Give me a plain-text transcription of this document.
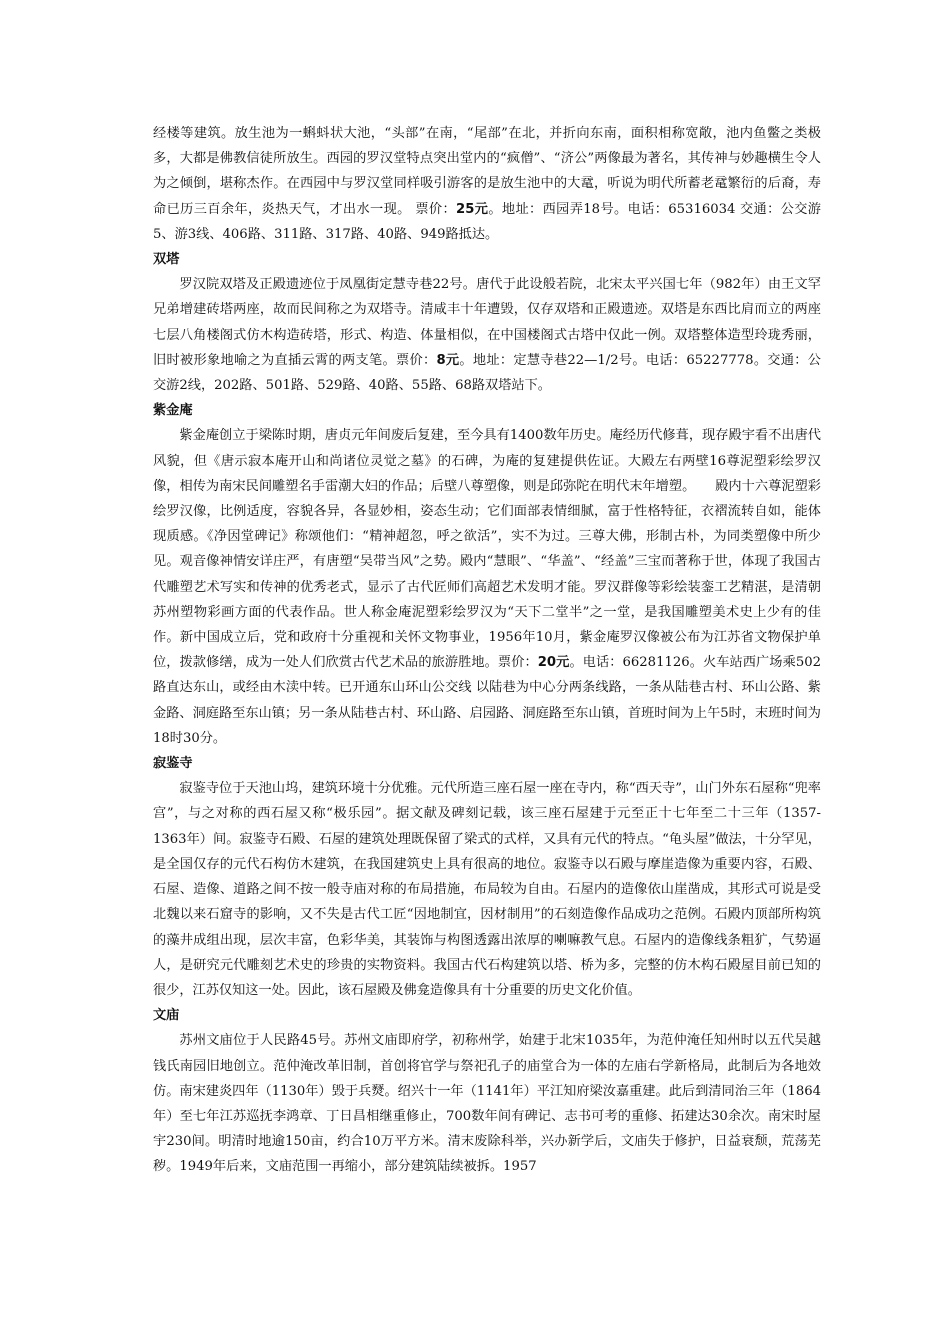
经楼等建筑。放生池为一蝌蚪状大池，“头部”在南，“尾部”在北，并折向东南，面积相称宽敞，池内鱼鳖之类极多，大都是佛教信徒所放生。西园的罗汉堂特点突出堂内的“疯僧”、“济公”两像最为著名，其传神与妙趣横生令人为之倾倒，堪称杰作。在西园中与罗汉堂同样吸引游客的是放生池中的大鼋，听说为明代所蓄老鼋繁衍的后裔，寿命已历三百余年，炎热天气，才出水一现。 票价：25元。地址：西园弄18号。电话：65316034 交通：公交游5、游3线、406路、311路、317路、40路、949路抵达。

双塔

罗汉院双塔及正殿遗迹位于凤凰街定慧寺巷22号。唐代于此设般若院，北宋太平兴国七年（982年）由王文罕兄弟增建砖塔两座，故而民间称之为双塔寺。清咸丰十年遭毁，仅存双塔和正殿遗迹。双塔是东西比肩而立的两座七层八角楼阁式仿木构造砖塔，形式、构造、体量相似，在中国楼阁式古塔中仅此一例。双塔整体造型玲珑秀丽，旧时被形象地喻之为直插云霄的两支笔。票价：8元。地址：定慧寺巷22—1/2号。电话：65227778。交通：公交游2线，202路、501路、529路、40路、55路、68路双塔站下。

紫金庵

紫金庵创立于梁陈时期，唐贞元年间废后复建，至今具有1400数年历史。庵经历代修葺，现存殿宇看不出唐代风貌，但《唐示寂本庵开山和尚诸位灵觉之墓》的石碑，为庵的复建提供佐证。大殿左右两壁16尊泥塑彩绘罗汉像，相传为南宋民间雕塑名手雷潮大妇的作品；后壁八尊塑像，则是邱弥陀在明代末年增塑。　　殿内十六尊泥塑彩绘罗汉像，比例适度，容貌各异，各显妙相，姿态生动；它们面部表情细腻，富于性格特征，衣褶流转自如，能体现质感。《净因堂碑记》称颂他们：“精神超忽，呼之欲活”，实不为过。三尊大佛，形制古朴，为同类塑像中所少见。观音像神情安详庄严，有唐塑“吴带当风”之势。殿内“慧眼”、“华盖”、“经盖”三宝而著称于世，体现了我国古代雕塑艺术写实和传神的优秀老式，显示了古代匠师们高超艺术发明才能。罗汉群像等彩绘装銮工艺精湛，是清朝苏州塑物彩画方面的代表作品。世人称金庵泥塑彩绘罗汉为“天下二堂半”之一堂，是我国雕塑美术史上少有的佳作。新中国成立后，党和政府十分重视和关怀文物事业，1956年10月，紫金庵罗汉像被公布为江苏省文物保护单位，拨款修缮，成为一处人们欣赏古代艺术品的旅游胜地。票价：20元。电话：66281126。火车站西广场乘502路直达东山，或经由木渎中转。已开通东山环山公交线 以陆巷为中心分两条线路，一条从陆巷古村、环山公路、紫金路、洞庭路至东山镇；另一条从陆巷古村、环山路、启园路、洞庭路至东山镇，首班时间为上午5时，末班时间为18时30分。

寂鉴寺

寂鉴寺位于天池山坞，建筑环境十分优雅。元代所造三座石屋一座在寺内，称“西天寺”，山门外东石屋称“兜率宫”，与之对称的西石屋又称“极乐园”。据文献及碑刻记载，该三座石屋建于元至正十七年至二十三年（1357-1363年）间。寂鉴寺石殿、石屋的建筑处理既保留了梁式的式样，又具有元代的特点。“龟头屋”做法，十分罕见，是全国仅存的元代石构仿木建筑，在我国建筑史上具有很高的地位。寂鉴寺以石殿与摩崖造像为重要内容，石殿、石屋、造像、道路之间不按一般寺庙对称的布局措施，布局较为自由。石屋内的造像依山崖凿成，其形式可说是受北魏以来石窟寺的影响，又不失是古代工匠“因地制宜，因材制用”的石刻造像作品成功之范例。石殿内顶部所构筑的藻井成组出现，层次丰富，色彩华美，其装饰与构图透露出浓厚的喇嘛教气息。石屋内的造像线条粗犷，气势逼人，是研究元代雕刻艺术史的珍贵的实物资料。我国古代石构建筑以塔、桥为多，完整的仿木构石殿屋目前已知的很少，江苏仅知这一处。因此，该石屋殿及佛龛造像具有十分重要的历史文化价值。

文庙

苏州文庙位于人民路45号。苏州文庙即府学，初称州学，始建于北宋1035年，为范仲淹任知州时以五代吴越钱氏南园旧地创立。范仲淹改革旧制，首创将官学与祭祀孔子的庙堂合为一体的左庙右学新格局，此制后为各地效仿。南宋建炎四年（1130年）毁于兵燹。绍兴十一年（1141年）平江知府梁汝嘉重建。此后到清同治三年（1864年）至七年江苏巡抚李鸿章、丁日昌相继重修止，700数年间有碑记、志书可考的重修、拓建达30余次。南宋时屋宇230间。明清时地逾150亩，约合10万平方米。清末废除科举，兴办新学后，文庙失于修护，日益衰颓，荒荡芜秽。1949年后来，文庙范围一再缩小，部分建筑陆续被拆。1957
